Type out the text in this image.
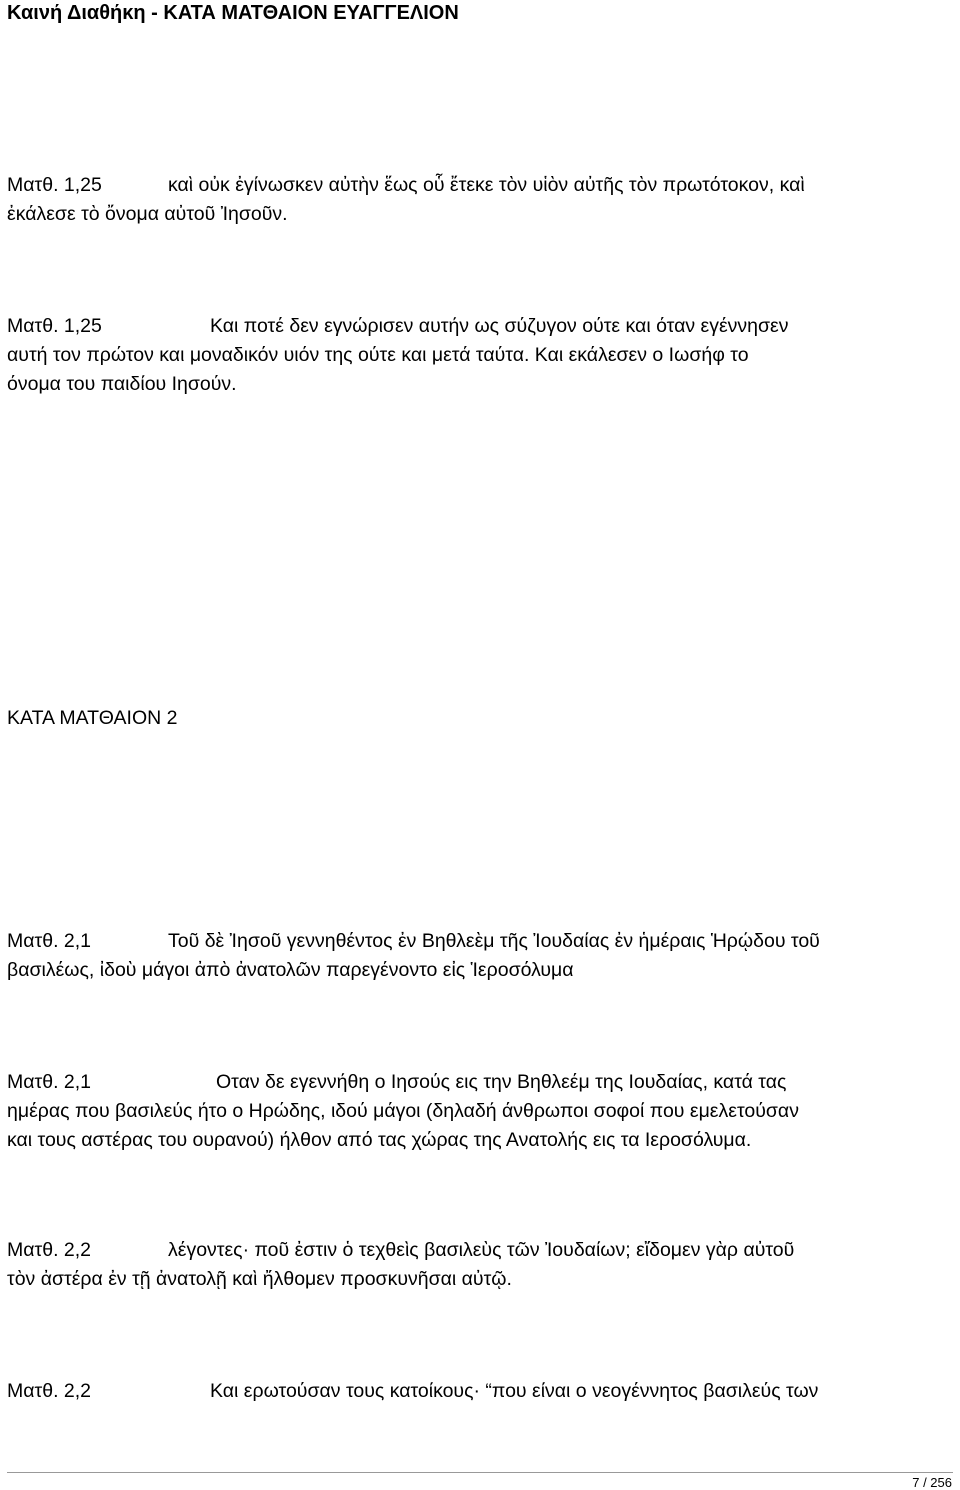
Καινή Διαθήκη - ΚΑΤΑ ΜΑΤΘΑΙΟΝ ΕΥΑΓΓΕΛΙΟΝ
Ματθ. 1,25	καὶ οὐκ ἐγίνωσκεν αὐτὴν ἕως οὗ ἔτεκε τὸν υἱὸν αὐτῆς τὸν πρωτότοκον, καὶ
ἐκάλεσε τὸ ὄνομα αὐτοῦ Ἰησοῦν.
Ματθ. 1,25	Και ποτέ δεν εγνώρισεν αυτήν ως σύζυγον ούτε και όταν εγέννησεν
αυτή τον πρώτον και μοναδικόν υιόν της ούτε και μετά ταύτα. Και εκάλεσεν ο Ιωσήφ το
όνομα του παιδίου Ιησούν.
ΚΑΤΑ ΜΑΤΘΑΙΟΝ 2
Ματθ. 2,1	Τοῦ δὲ Ἰησοῦ γεννηθέντος ἐν Βηθλεὲμ τῆς Ἰουδαίας ἐν ἡμέραις Ἡρῴδου τοῦ
βασιλέως, ἰδοὺ μάγοι ἀπὸ ἀνατολῶν παρεγένοντο εἰς Ἱεροσόλυμα
Ματθ. 2,1	Οταν δε εγεννήθη ο Ιησούς εις την Βηθλεέμ της Ιουδαίας, κατά τας
ημέρας που βασιλεύς ήτο ο Ηρώδης, ιδού μάγοι (δηλαδή άνθρωποι σοφοί που εμελετούσαν
και τους αστέρας του ουρανού) ήλθον από τας χώρας της Ανατολής εις τα Ιεροσόλυμα.
Ματθ. 2,2	λέγοντες· ποῦ ἐστιν ὁ τεχθεὶς βασιλεὺς τῶν Ἰουδαίων; εἴδομεν γὰρ αὐτοῦ
τὸν ἀστέρα ἐν τῇ ἀνατολῇ καὶ ἤλθομεν προσκυνῆσαι αὐτῷ.
Ματθ. 2,2	Και ερωτούσαν τους κατοίκους· “που είναι ο νεογέννητος βασιλεύς των
7 / 256
